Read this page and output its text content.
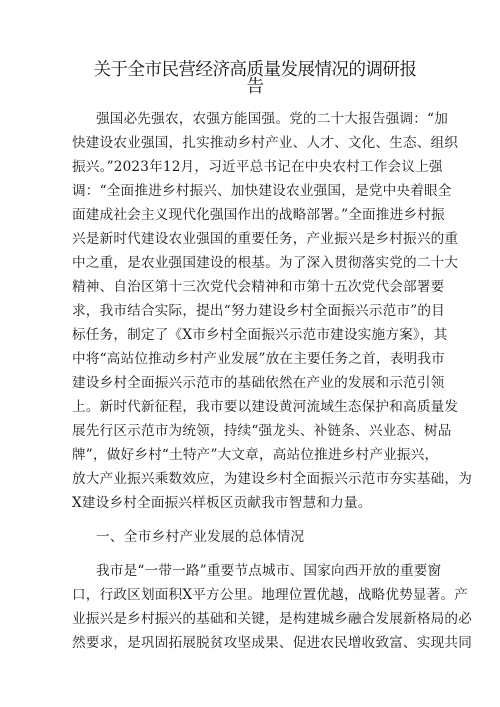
关于全市民营经济高质量发展情况的调研报告
强国必先强农，农强方能国强。党的二十大报告强调：“加
快建设农业强国，扎实推动乡村产业、人才、文化、生态、组织
振兴。”2023年12月，习近平总书记在中央农村工作会议上强
调：“全面推进乡村振兴、加快建设农业强国，是党中央着眼全
面建成社会主义现代化强国作出的战略部署。”全面推进乡村振
兴是新时代建设农业强国的重要任务，产业振兴是乡村振兴的重
中之重，是农业强国建设的根基。为了深入贯彻落实党的二十大
精神、自治区第十三次党代会精神和市第十五次党代会部署要
求，我市结合实际，提出“努力建设乡村全面振兴示范市”的目
标任务，制定了《X市乡村全面振兴示范市建设实施方案》，其
中将“高站位推动乡村产业发展”放在主要任务之首，表明我市
建设乡村全面振兴示范市的基础依然在产业的发展和示范引领
上。新时代新征程，我市要以建设黄河流域生态保护和高质量发
展先行区示范市为统领，持续“强龙头、补链条、兴业态、树品
牌”，做好乡村“土特产”大文章，高站位推进乡村产业振兴，
放大产业振兴乘数效应，为建设乡村全面振兴示范市夯实基础，为
X建设乡村全面振兴样板区贡献我市智慧和力量。
一、全市乡村产业发展的总体情况
我市是“一带一路”重要节点城市、国家向西开放的重要窗
口，行政区划面积X平方公里。地理位置优越，战略优势显著。产
业振兴是乡村振兴的基础和关键，是构建城乡融合发展新格局的必
然要求，是巩固拓展脱贫攻坚成果、促进农民增收致富、实现共同
